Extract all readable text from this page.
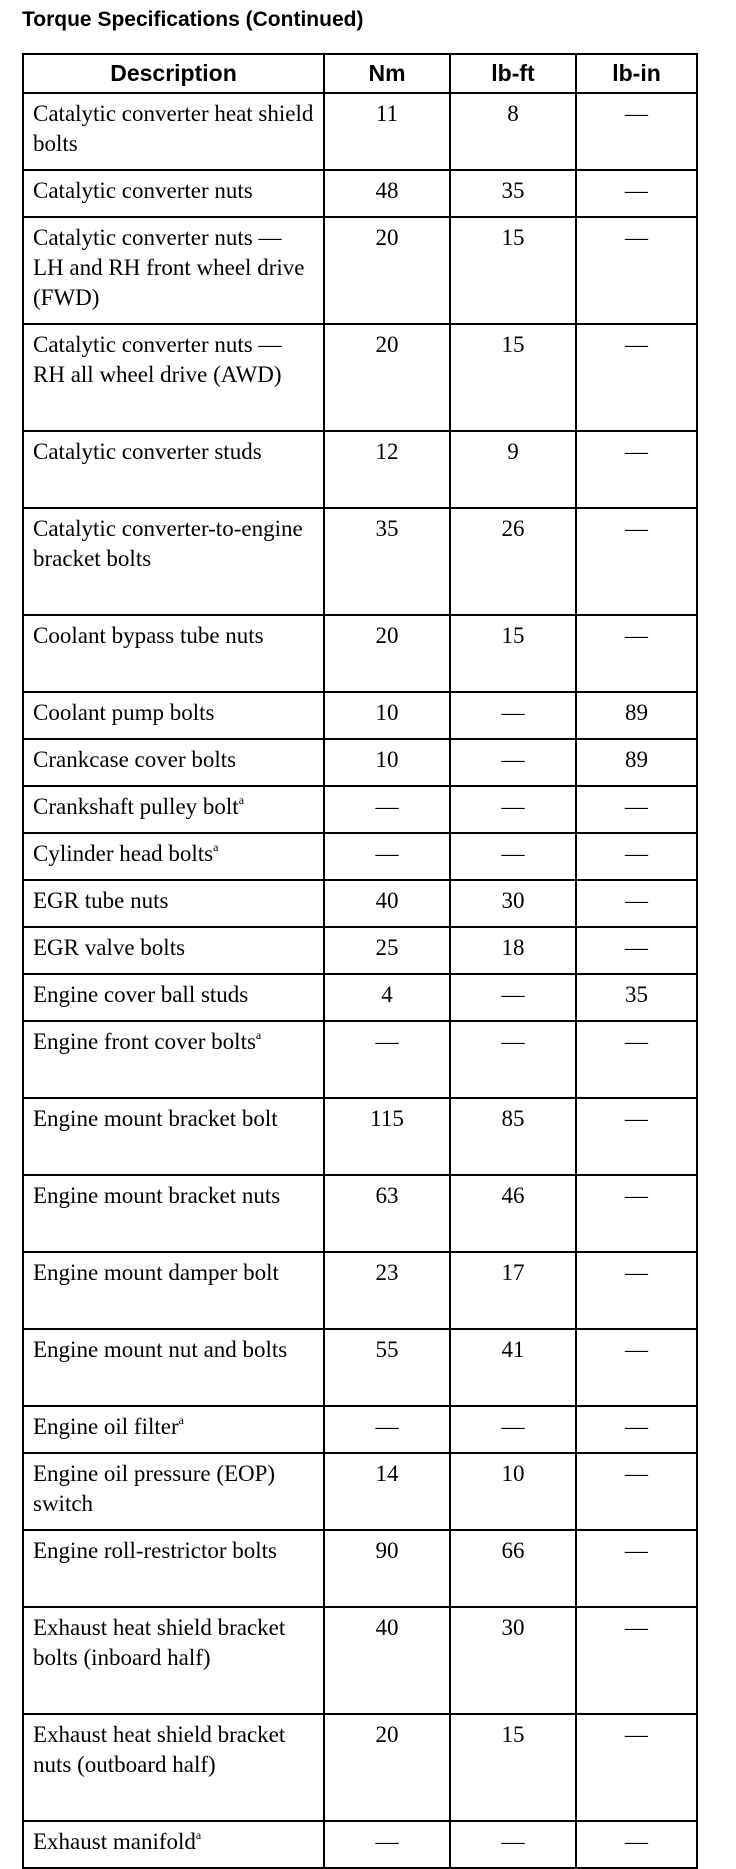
Torque Specifications (Continued)
Description	Nm	lb-ft	lb-in
Catalytic converter heat shield bolts	11	8	—
Catalytic converter nuts	48	35	—
Catalytic converter nuts — LH and RH front wheel drive (FWD)	20	15	—
Catalytic converter nuts — RH all wheel drive (AWD)	20	15	—
Catalytic converter studs	12	9	—
Catalytic converter-to-engine bracket bolts	35	26	—
Coolant bypass tube nuts	20	15	—
Coolant pump bolts	10	—	89
Crankcase cover bolts	10	—	89
Crankshaft pulley bolt$^a$	—	—	—
Cylinder head bolts$^a$	—	—	—
EGR tube nuts	40	30	—
EGR valve bolts	25	18	—
Engine cover ball studs	4	—	35
Engine front cover bolts$^a$	—	—	—
Engine mount bracket bolt	115	85	—
Engine mount bracket nuts	63	46	—
Engine mount damper bolt	23	17	—
Engine mount nut and bolts	55	41	—
Engine oil filter$^a$	—	—	—
Engine oil pressure (EOP) switch	14	10	—
Engine roll-restrictor bolts	90	66	—
Exhaust heat shield bracket bolts (inboard half)	40	30	—
Exhaust heat shield bracket nuts (outboard half)	20	15	—
Exhaust manifold$^a$	—	—	—
